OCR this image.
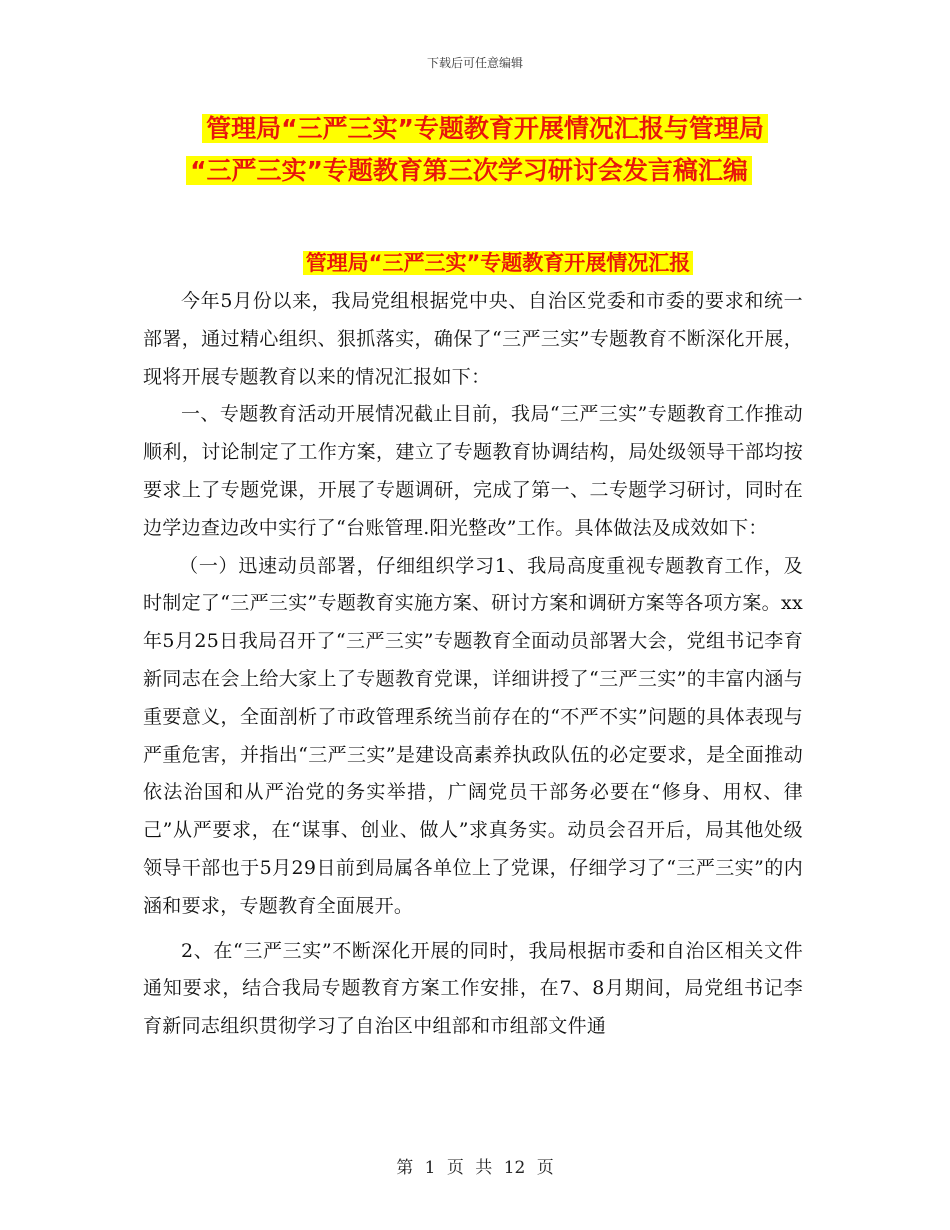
下载后可任意编辑
管理局“三严三实”专题教育开展情况汇报与管理局
“三严三实”专题教育第三次学习研讨会发言稿汇编
管理局“三严三实”专题教育开展情况汇报

今年5月份以来，我局党组根据党中央、自治区党委和市委的要求和统一部署，通过精心组织、狠抓落实，确保了“三严三实”专题教育不断深化开展，现将开展专题教育以来的情况汇报如下：

一、专题教育活动开展情况截止目前，我局“三严三实”专题教育工作推动顺利，讨论制定了工作方案，建立了专题教育协调结构，局处级领导干部均按要求上了专题党课，开展了专题调研，完成了第一、二专题学习研讨，同时在边学边查边改中实行了“台账管理.阳光整改”工作。具体做法及成效如下：

（一）迅速动员部署，仔细组织学习1、我局高度重视专题教育工作，及时制定了“三严三实”专题教育实施方案、研讨方案和调研方案等各项方案。xx年5月25日我局召开了“三严三实”专题教育全面动员部署大会，党组书记李育新同志在会上给大家上了专题教育党课，详细讲授了“三严三实”的丰富内涵与重要意义，全面剖析了市政管理系统当前存在的“不严不实”问题的具体表现与严重危害，并指出“三严三实”是建设高素养执政队伍的必定要求，是全面推动依法治国和从严治党的务实举措，广阔党员干部务必要在“修身、用权、律己”从严要求，在“谋事、创业、做人”求真务实。动员会召开后，局其他处级领导干部也于5月29日前到局属各单位上了党课，仔细学习了“三严三实”的内涵和要求，专题教育全面展开。

2、在“三严三实”不断深化开展的同时，我局根据市委和自治区相关文件通知要求，结合我局专题教育方案工作安排，在7、8月期间，局党组书记李育新同志组织贯彻学习了自治区中组部和市组部文件通

第 1 页 共 12 页
